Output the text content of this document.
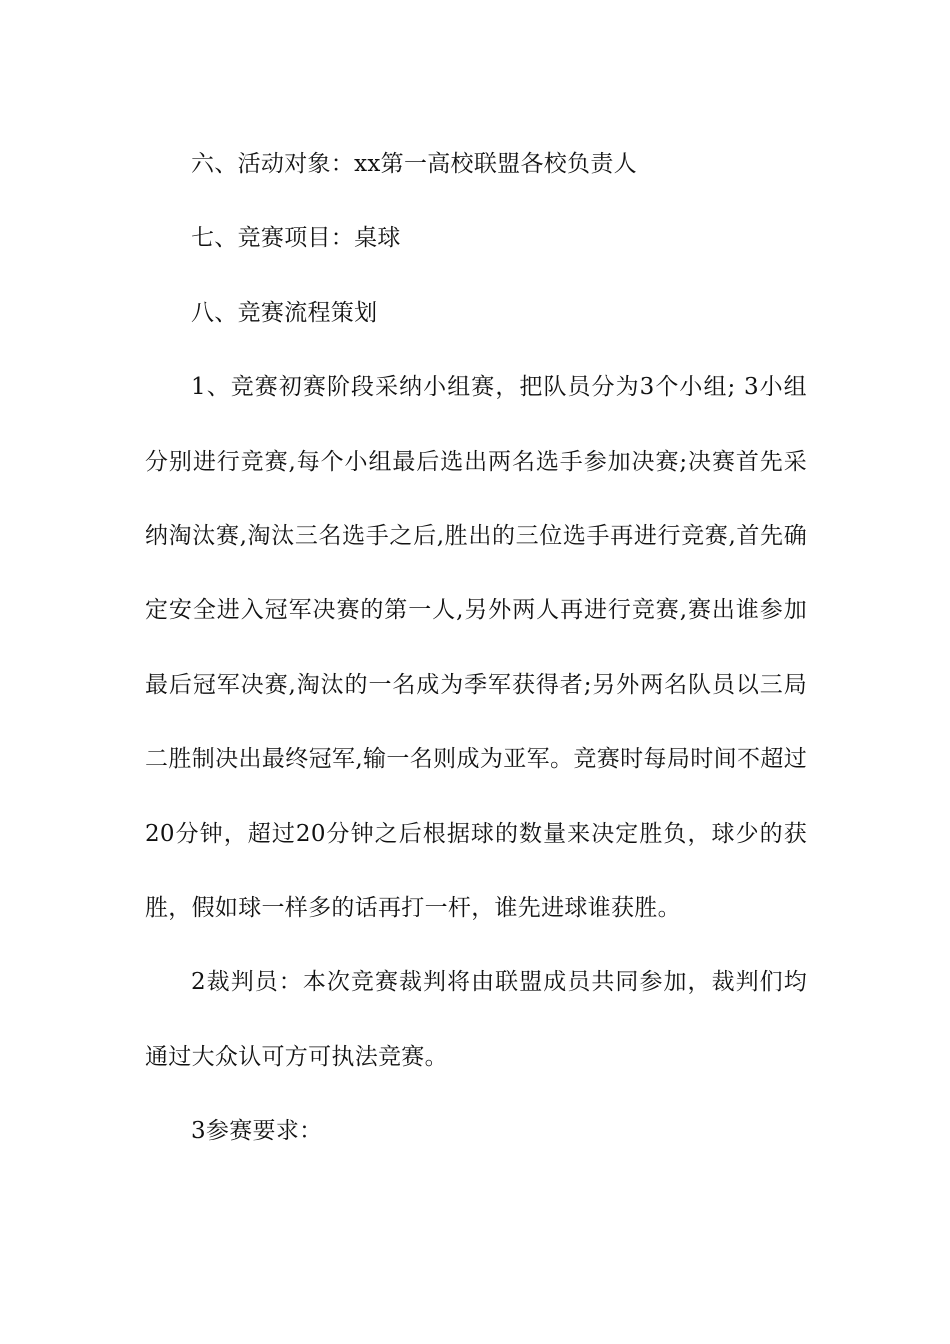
六、活动对象：xx第一高校联盟各校负责人

七、竞赛项目：桌球

八、竞赛流程策划

1、竞赛初赛阶段采纳小组赛，把队员分为3个小组; 3小组分别进行竞赛,每个小组最后选出两名选手参加决赛;决赛首先采纳淘汰赛,淘汰三名选手之后,胜出的三位选手再进行竞赛,首先确定安全进入冠军决赛的第一人,另外两人再进行竞赛,赛出谁参加最后冠军决赛,淘汰的一名成为季军获得者;另外两名队员以三局二胜制决出最终冠军,输一名则成为亚军。竞赛时每局时间不超过20分钟，超过20分钟之后根据球的数量来决定胜负，球少的获胜，假如球一样多的话再打一杆，谁先进球谁获胜。

2裁判员：本次竞赛裁判将由联盟成员共同参加，裁判们均通过大众认可方可执法竞赛。

3参赛要求：
